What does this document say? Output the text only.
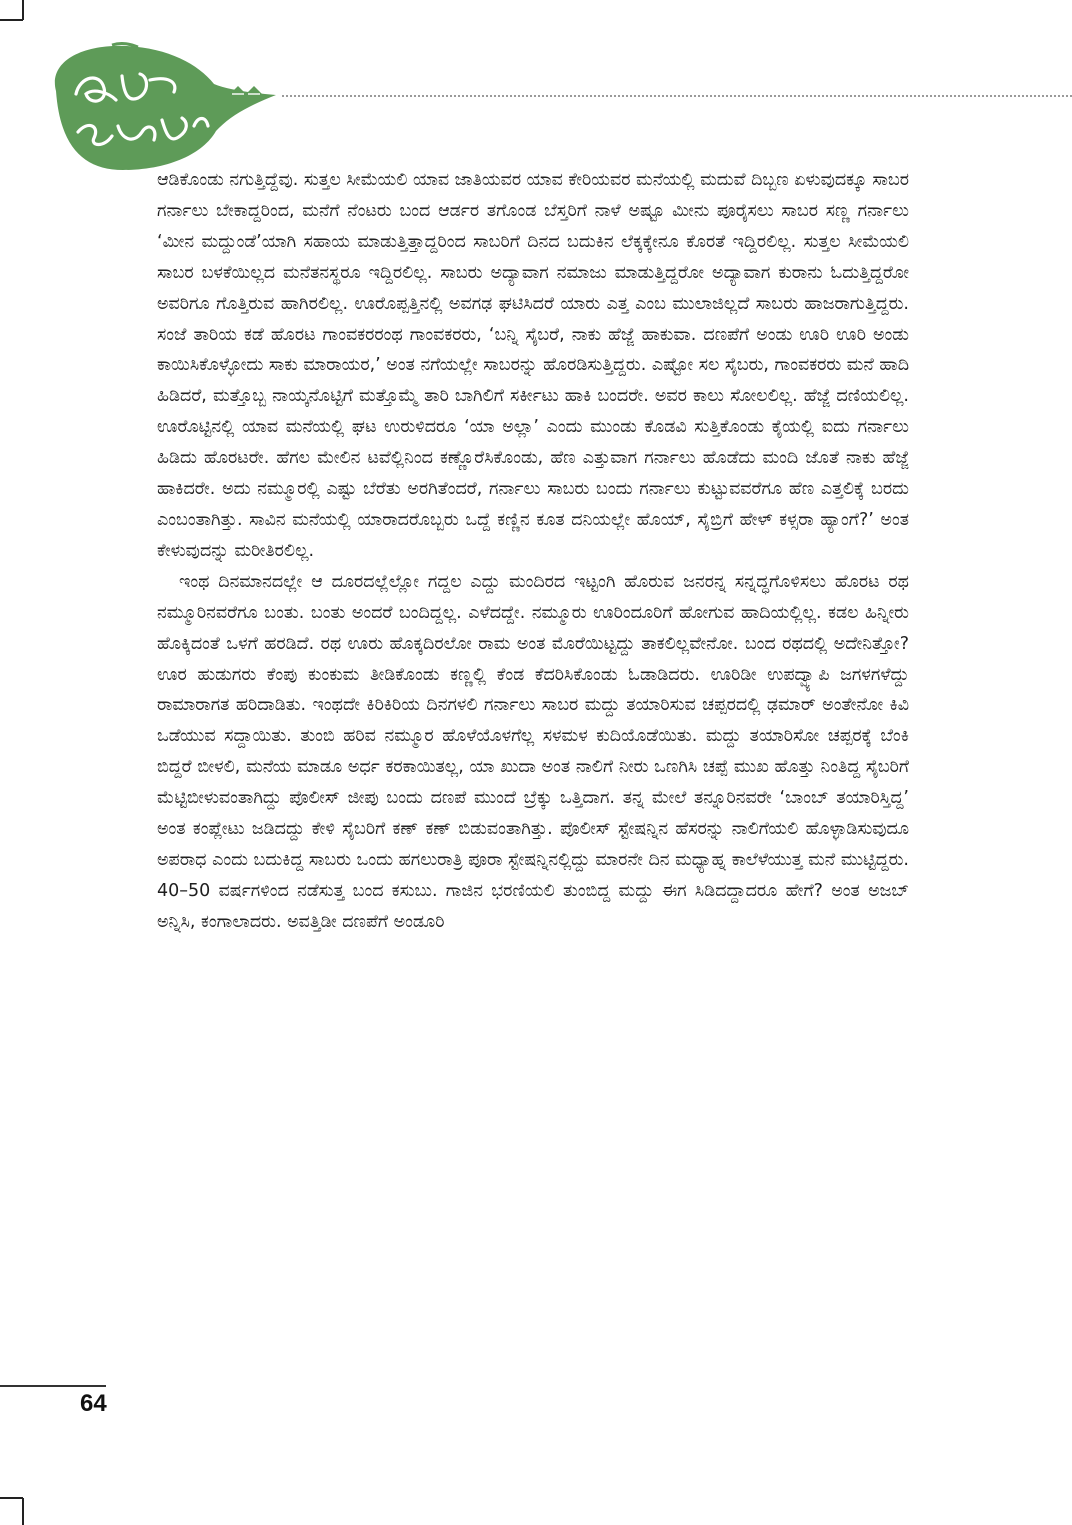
ಆಡಿಕೊಂಡು ನಗುತ್ತಿದ್ದೆವು. ಸುತ್ತಲ ಸೀಮೆಯಲಿ ಯಾವ ಜಾತಿಯವರ ಯಾವ ಕೇರಿಯವರ ಮನೆಯಲ್ಲಿ ಮದುವೆ ದಿಬ್ಬಣ ಏಳುವುದಕ್ಕೂ ಸಾಬರ ಗರ್ನಾಲು ಬೇಕಾದ್ದರಿಂದ, ಮನೆಗೆ ನೆಂಟರು ಬಂದ ಆರ್ಡರ ತಗೊಂಡ ಬೆಸ್ತರಿಗೆ ನಾಳೆ ಅಷ್ಟೂ ಮೀನು ಪೂರೈಸಲು ಸಾಬರ ಸಣ್ಣ ಗರ್ನಾಲು ‘ಮೀನ ಮದ್ದುಂಡೆ’ಯಾಗಿ ಸಹಾಯ ಮಾಡುತ್ತಿತ್ತಾದ್ದರಿಂದ ಸಾಬರಿಗೆ ದಿನದ ಬದುಕಿನ ಲೆಕ್ಕಕ್ಕೇನೂ ಕೊರತೆ ಇದ್ದಿರಲಿಲ್ಲ. ಸುತ್ತಲ ಸೀಮೆಯಲಿ ಸಾಬರ ಬಳಕೆಯಿಲ್ಲದ ಮನೆತನಸ್ಥರೂ ಇದ್ದಿರಲಿಲ್ಲ. ಸಾಬರು ಅದ್ಯಾವಾಗ ನಮಾಜು ಮಾಡುತ್ತಿದ್ದರೋ ಅದ್ಯಾವಾಗ ಕುರಾನು ಓದುತ್ತಿದ್ದರೋ ಅವರಿಗೂ ಗೊತ್ತಿರುವ ಹಾಗಿರಲಿಲ್ಲ. ಊರೊಪ್ಪತ್ತಿನಲ್ಲಿ ಅವಗಢ ಘಟಿಸಿದರೆ ಯಾರು ಎತ್ತ ಎಂಬ ಮುಲಾಜಿಲ್ಲದೆ ಸಾಬರು ಹಾಜರಾಗುತ್ತಿದ್ದರು. ಸಂಜೆ ತಾರಿಯ ಕಡೆ ಹೊರಟ ಗಾಂವಕರರಂಥ ಗಾಂವಕರರು, ‘ಬನ್ನಿ ಸೈಬರೆ, ನಾಕು ಹೆಜ್ಜೆ ಹಾಕುವಾ. ದಣಪೆಗೆ ಅಂಡು ಊರಿ ಊರಿ ಅಂಡು ಕಾಯಿಸಿಕೊಳ್ಳೋದು ಸಾಕು ಮಾರಾಯರ,’ ಅಂತ ನಗೆಯಲ್ಲೇ ಸಾಬರನ್ನು ಹೊರಡಿಸುತ್ತಿದ್ದರು. ಎಷ್ಟೋ ಸಲ ಸೈಬರು, ಗಾಂವಕರರು ಮನೆ ಹಾದಿ ಹಿಡಿದರೆ, ಮತ್ತೊಬ್ಬ ನಾಯ್ಕನೊಟ್ಟಿಗೆ ಮತ್ತೊಮ್ಮೆ ತಾರಿ ಬಾಗಿಲಿಗೆ ಸರ್ಕೀಟು ಹಾಕಿ ಬಂದರೇ. ಅವರ ಕಾಲು ಸೋಲಲಿಲ್ಲ. ಹೆಜ್ಜೆ ದಣಿಯಲಿಲ್ಲ. ಊರೊಟ್ಟಿನಲ್ಲಿ ಯಾವ ಮನೆಯಲ್ಲಿ ಘಟ ಉರುಳಿದರೂ ‘ಯಾ ಅಲ್ಲಾ’ ಎಂದು ಮುಂಡು ಕೊಡವಿ ಸುತ್ತಿಕೊಂಡು ಕೈಯಲ್ಲಿ ಐದು ಗರ್ನಾಲು ಹಿಡಿದು ಹೊರಟರೇ. ಹೆಗಲ ಮೇಲಿನ ಟವೆಲ್ಲಿನಿಂದ ಕಣ್ಣೊರೆಸಿಕೊಂಡು, ಹೆಣ ಎತ್ತುವಾಗ ಗರ್ನಾಲು ಹೊಡೆದು ಮಂದಿ ಜೊತೆ ನಾಕು ಹೆಜ್ಜೆ ಹಾಕಿದರೇ. ಅದು ನಮ್ಮೂರಲ್ಲಿ ಎಷ್ಟು ಬೆರೆತು ಅರಗಿತೆಂದರೆ, ಗರ್ನಾಲು ಸಾಬರು ಬಂದು ಗರ್ನಾಲು ಕುಟ್ಟುವವರೆಗೂ ಹೆಣ ಎತ್ತಲಿಕ್ಕೆ ಬರದು ಎಂಬಂತಾಗಿತ್ತು. ಸಾವಿನ ಮನೆಯಲ್ಲಿ ಯಾರಾದರೊಬ್ಬರು ಒದ್ದೆ ಕಣ್ಣಿನ ಕೂತ ದನಿಯಲ್ಲೇ ಹೊಯ್, ಸೈಬ್ರಿಗೆ ಹೇಳ್ ಕಳ್ಸರಾ ಹ್ಯಾಂಗೆ?’ ಅಂತ ಕೇಳುವುದನ್ನು ಮರೀತಿರಲಿಲ್ಲ.

ಇಂಥ ದಿನಮಾನದಲ್ಲೇ ಆ ದೂರದಲ್ಲೆಲ್ಲೋ ಗದ್ದಲ ಎದ್ದು ಮಂದಿರದ ಇಟ್ಟಂಗಿ ಹೊರುವ ಜನರನ್ನ ಸನ್ನದ್ಧಗೊಳಿಸಲು ಹೊರಟ ರಥ ನಮ್ಮೂರಿನವರೆಗೂ ಬಂತು. ಬಂತು ಅಂದರೆ ಬಂದಿದ್ದಲ್ಲ. ಎಳೆದದ್ದೇ. ನಮ್ಮೂರು ಊರಿಂದೂರಿಗೆ ಹೋಗುವ ಹಾದಿಯಲ್ಲಿಲ್ಲ. ಕಡಲ ಹಿನ್ನೀರು ಹೊಕ್ಕಿದಂತೆ ಒಳಗೆ ಹರಡಿದೆ. ರಥ ಊರು ಹೊಕ್ಕದಿರಲೋ ರಾಮ ಅಂತ ಮೊರೆಯಿಟ್ಟದ್ದು ತಾಕಲಿಲ್ಲವೇನೋ. ಬಂದ ರಥದಲ್ಲಿ ಅದೇನಿತ್ತೋ? ಊರ ಹುಡುಗರು ಕೆಂಪು ಕುಂಕುಮ ತೀಡಿಕೊಂಡು ಕಣ್ಣಲ್ಲಿ ಕೆಂಡ ಕೆದರಿಸಿಕೊಂಡು ಓಡಾಡಿದರು. ಊರಿಡೀ ಉಪದ್ವ್ಯಾಪಿ ಜಗಳಗಳೆದ್ದು ರಾಮಾರಾಗತ ಹರಿದಾಡಿತು. ಇಂಥದೇ ಕಿರಿಕಿರಿಯ ದಿನಗಳಲಿ ಗರ್ನಾಲು ಸಾಬರ ಮದ್ದು ತಯಾರಿಸುವ ಚಪ್ಪರದಲ್ಲಿ ಢಮಾರ್ ಅಂತೇನೋ ಕಿವಿ ಒಡೆಯುವ ಸದ್ದಾಯಿತು. ತುಂಬಿ ಹರಿವ ನಮ್ಮೂರ ಹೊಳೆಯೊಳಗೆಲ್ಲ ಸಳಮಳ ಕುದಿಯೊಡೆಯಿತು. ಮದ್ದು ತಯಾರಿಸೋ ಚಪ್ಪರಕ್ಕೆ ಬೆಂಕಿ ಬಿದ್ದರೆ ಬೀಳಲಿ, ಮನೆಯ ಮಾಡೂ ಅರ್ಧ ಕರಕಾಯಿತಲ್ಲ, ಯಾ ಖುದಾ ಅಂತ ನಾಲಿಗೆ ನೀರು ಒಣಗಿಸಿ ಚಪ್ಪೆ ಮುಖ ಹೊತ್ತು ನಿಂತಿದ್ದ ಸೈಬರಿಗೆ ಮೆಟ್ಟಿಬೀಳುವಂತಾಗಿದ್ದು ಪೊಲೀಸ್ ಜೀಪು ಬಂದು ದಣಪೆ ಮುಂದೆ ಬ್ರೆಕ್ಕು ಒತ್ತಿದಾಗ. ತನ್ನ ಮೇಲೆ ತನ್ನೂರಿನವರೇ ‘ಬಾಂಬ್ ತಯಾರಿಸ್ತಿದ್ದ’ ಅಂತ ಕಂಪ್ಲೇಟು ಜಡಿದದ್ದು ಕೇಳಿ ಸೈಬರಿಗೆ ಕಣ್ ಕಣ್ ಬಿಡುವಂತಾಗಿತ್ತು. ಪೊಲೀಸ್ ಸ್ಟೇಷನ್ನಿನ ಹೆಸರನ್ನು ನಾಲಿಗೆಯಲಿ ಹೊಳ್ಳಾಡಿಸುವುದೂ ಅಪರಾಧ ಎಂದು ಬದುಕಿದ್ದ ಸಾಬರು ಒಂದು ಹಗಲುರಾತ್ರಿ ಪೂರಾ ಸ್ಟೇಷನ್ನಿನಲ್ಲಿದ್ದು ಮಾರನೇ ದಿನ ಮಧ್ಯಾಹ್ನ ಕಾಲೆಳೆಯುತ್ತ ಮನೆ ಮುಟ್ಟಿದ್ದರು. 40–50 ವರ್ಷಗಳಿಂದ ನಡೆಸುತ್ತ ಬಂದ ಕಸುಬು. ಗಾಜಿನ ಭರಣಿಯಲಿ ತುಂಬಿದ್ದ ಮದ್ದು ಈಗ ಸಿಡಿದದ್ದಾದರೂ ಹೇಗೆ? ಅಂತ ಅಜಬ್ ಅನ್ನಿಸಿ, ಕಂಗಾಲಾದರು. ಅವತ್ತಿಡೀ ದಣಪೆಗೆ ಅಂಡೂರಿ

64
